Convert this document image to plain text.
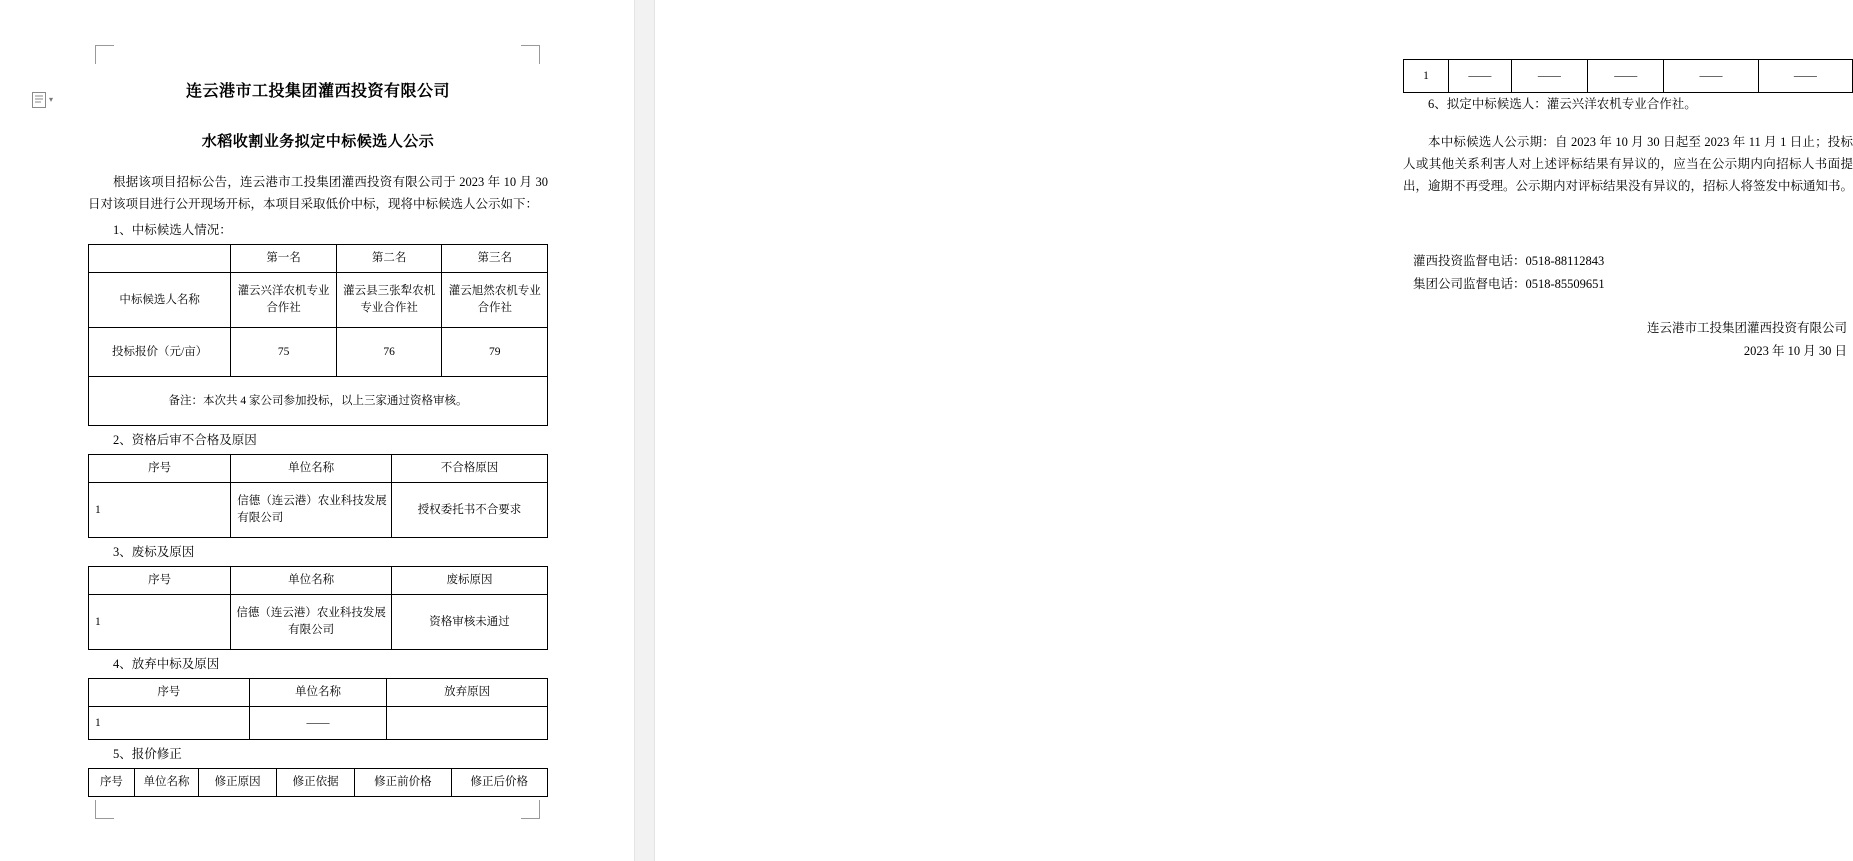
▾	连云港市工投集团灌西投资有限公司
水稻收割业务拟定中标候选人公示

根据该项目招标公告，连云港市工投集团灌西投资有限公司于 2023 年 10 月 30 日对该项目进行公开现场开标，本项目采取低价中标，现将中标候选人公示如下：

1、中标候选人情况：

	第一名	第二名	第三名
中标候选人名称	灌云兴洋农机专业合作社	灌云县三张犁农机专业合作社	灌云旭然农机专业合作社
投标报价（元/亩）	75	76	79
备注：本次共 4 家公司参加投标，以上三家通过资格审核。			

2、资格后审不合格及原因

序号	单位名称	不合格原因
1	信德（连云港）农业科技发展有限公司	授权委托书不合要求

3、废标及原因

序号	单位名称	废标原因
1	信德（连云港）农业科技发展有限公司	资格审核未通过

4、放弃中标及原因

序号	单位名称	放弃原因
1	——	

5、报价修正

序号	单位名称	修正原因	修正依据	修正前价格	修正后价格
1	——	——	——	——	——

6、拟定中标候选人：灌云兴洋农机专业合作社。

本中标候选人公示期：自 2023 年 10 月 30 日起至 2023 年 11 月 1 日止；投标人或其他关系利害人对上述评标结果有异议的，应当在公示期内向招标人书面提出，逾期不再受理。公示期内对评标结果没有异议的，招标人将签发中标通知书。

灌西投资监督电话：0518-88112843
集团公司监督电话：0518-85509651
连云港市工投集团灌西投资有限公司
2023 年 10 月 30 日
